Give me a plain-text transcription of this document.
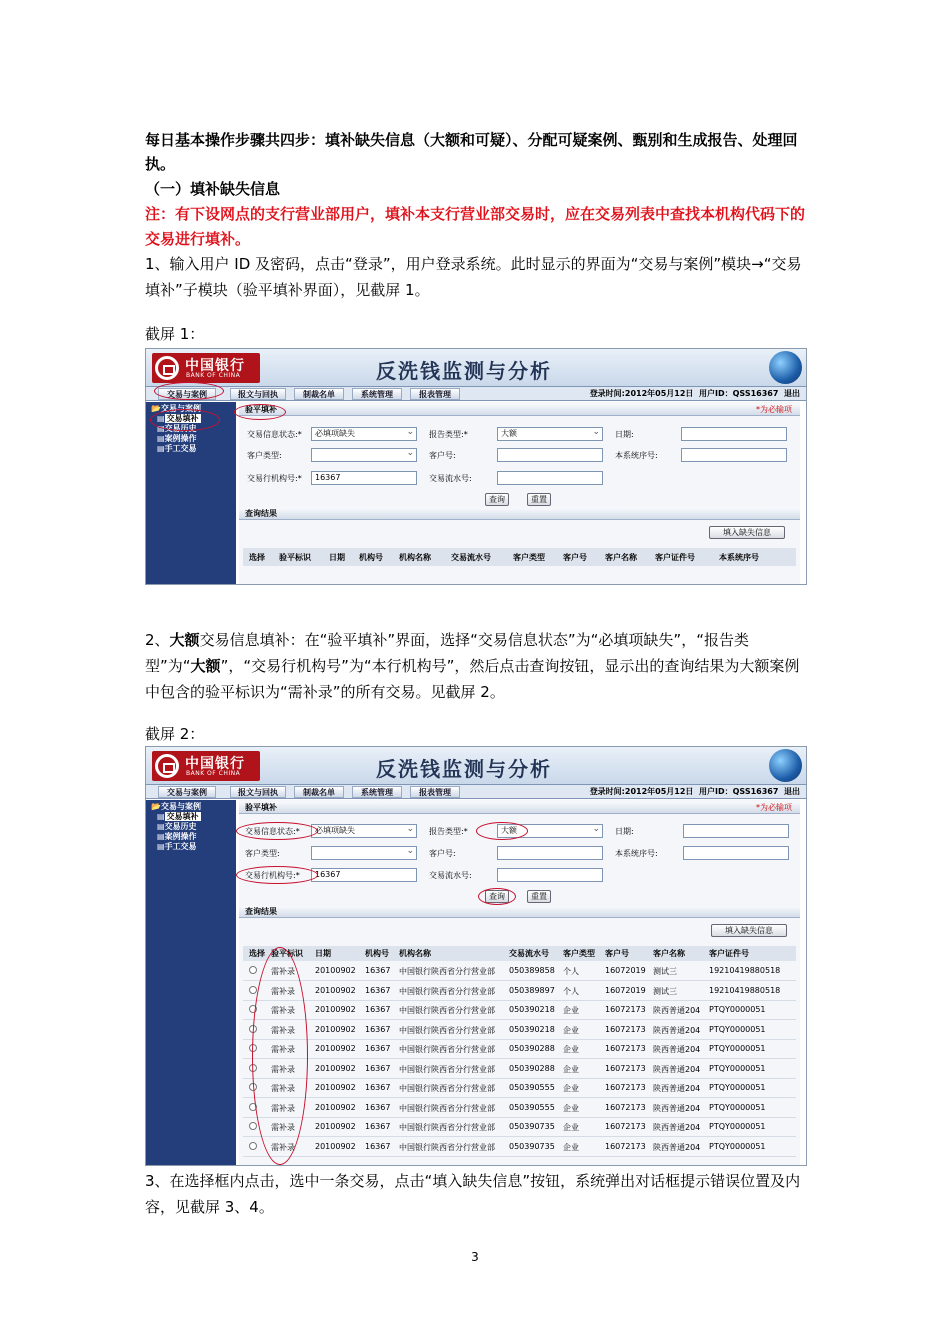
每日基本操作步骤共四步：填补缺失信息（大额和可疑）、分配可疑案例、甄别和生成报告、处理回执。
（一）填补缺失信息
注：有下设网点的支行营业部用户，填补本支行营业部交易时，应在交易列表中查找本机构代码下的交易进行填补。
1、输入用户 ID 及密码，点击“登录”，用户登录系统。此时显示的界面为“交易与案例”模块→“交易填补”子模块（验平填补界面），见截屏 1。
截屏 1：
中国银行
BANK OF CHINA	反洗钱监测与分析
交易与案例	报文与回执	制裁名单	系统管理	报表管理	登录时间:2012年05月12日 用户ID：QSS16367 退出
📂交易与案例
▤ 交易填补
▤交易历史
▤案例操作
▤手工交易
验平填补	*为必输项
交易信息状态:*	必填项缺失 ⌄	报告类型:*	大额 ⌄	日期:
客户类型: ⌄	客户号:	本系统序号:
交易行机构号:*	16367	交易流水号:
查询	重置
查询结果
填入缺失信息
选择 验平标识 日期 机构号 机构名称	交易流水号	客户类型 客户号 客户名称 客户证件号	本系统序号
2、大额交易信息填补：在“验平填补”界面，选择“交易信息状态”为“必填项缺失”，“报告类型”为“大额”，“交易行机构号”为“本行机构号”，然后点击查询按钮，显示出的查询结果为大额案例中包含的验平标识为“需补录”的所有交易。见截屏 2。
截屏 2：
中国银行
BANK OF CHINA	反洗钱监测与分析
交易与案例	报文与回执	制裁名单	系统管理	报表管理	登录时间:2012年05月12日 用户ID：QSS16367 退出
📂交易与案例
▤ 交易填补
▤交易历史
▤案例操作
▤手工交易
验平填补	*为必输项
交易信息状态:*	必填项缺失 ⌄	报告类型:*	大额 ⌄	日期:
客户类型: ⌄	客户号:	本系统序号:
交易行机构号:*	16367	交易流水号:
查询	重置
查询结果
填入缺失信息
选择 验平标识 日期	机构号 机构名称	交易流水号 客户类型 客户号	客户名称	客户证件号
需补录	20100902	16367	中国银行陕西省分行营业部	050389858	个人	16072019 测试三	19210419880518
需补录	20100902	16367	中国银行陕西省分行营业部	050389897	个人	16072019 测试三	19210419880518
需补录	20100902	16367	中国银行陕西省分行营业部	050390218	企业	16072173 陕西普通204	PTQY0000051
需补录	20100902	16367	中国银行陕西省分行营业部	050390218	企业	16072173 陕西普通204	PTQY0000051
需补录	20100902	16367	中国银行陕西省分行营业部	050390288	企业	16072173 陕西普通204	PTQY0000051
需补录	20100902	16367	中国银行陕西省分行营业部	050390288	企业	16072173 陕西普通204	PTQY0000051
需补录	20100902	16367	中国银行陕西省分行营业部	050390555	企业	16072173 陕西普通204	PTQY0000051
需补录	20100902	16367	中国银行陕西省分行营业部	050390555	企业	16072173 陕西普通204	PTQY0000051
需补录	20100902	16367	中国银行陕西省分行营业部	050390735	企业	16072173 陕西普通204	PTQY0000051
需补录	20100902	16367	中国银行陕西省分行营业部	050390735	企业	16072173 陕西普通204	PTQY0000051
3、在选择框内点击，选中一条交易，点击“填入缺失信息”按钮，系统弹出对话框提示错误位置及内容，见截屏 3、4。
3
